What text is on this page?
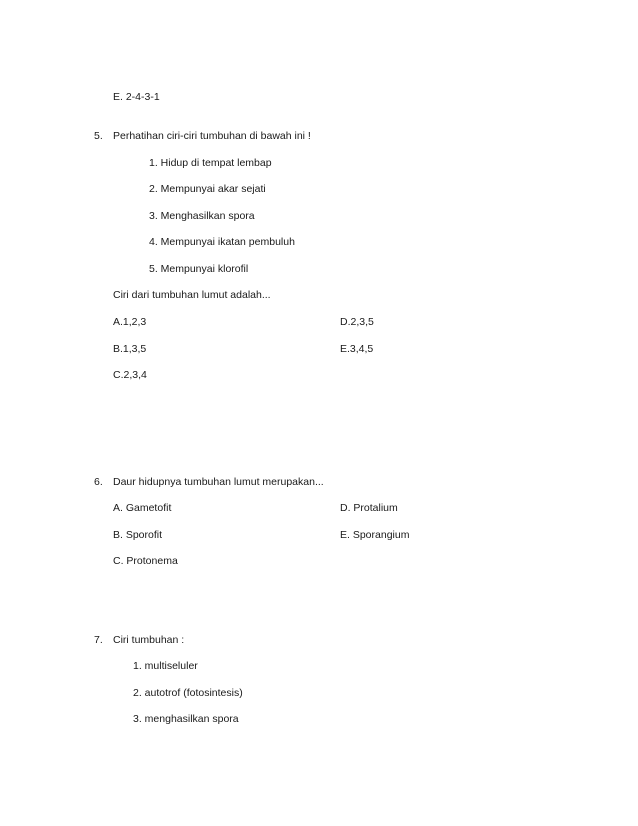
E. 2-4-3-1
5. Perhatihan ciri-ciri tumbuhan di bawah ini !
1. Hidup di tempat lembap
2. Mempunyai akar sejati
3. Menghasilkan spora
4. Mempunyai ikatan pembuluh
5. Mempunyai klorofil
Ciri dari tumbuhan lumut adalah...
A.1,2,3	D.2,3,5
B.1,3,5	E.3,4,5
C.2,3,4
6. Daur hidupnya tumbuhan lumut merupakan...
A. Gametofit	D. Protalium
B. Sporofit	E. Sporangium
C. Protonema
7. Ciri tumbuhan :
1. multiseluler
2. autotrof (fotosintesis)
3. menghasilkan spora
